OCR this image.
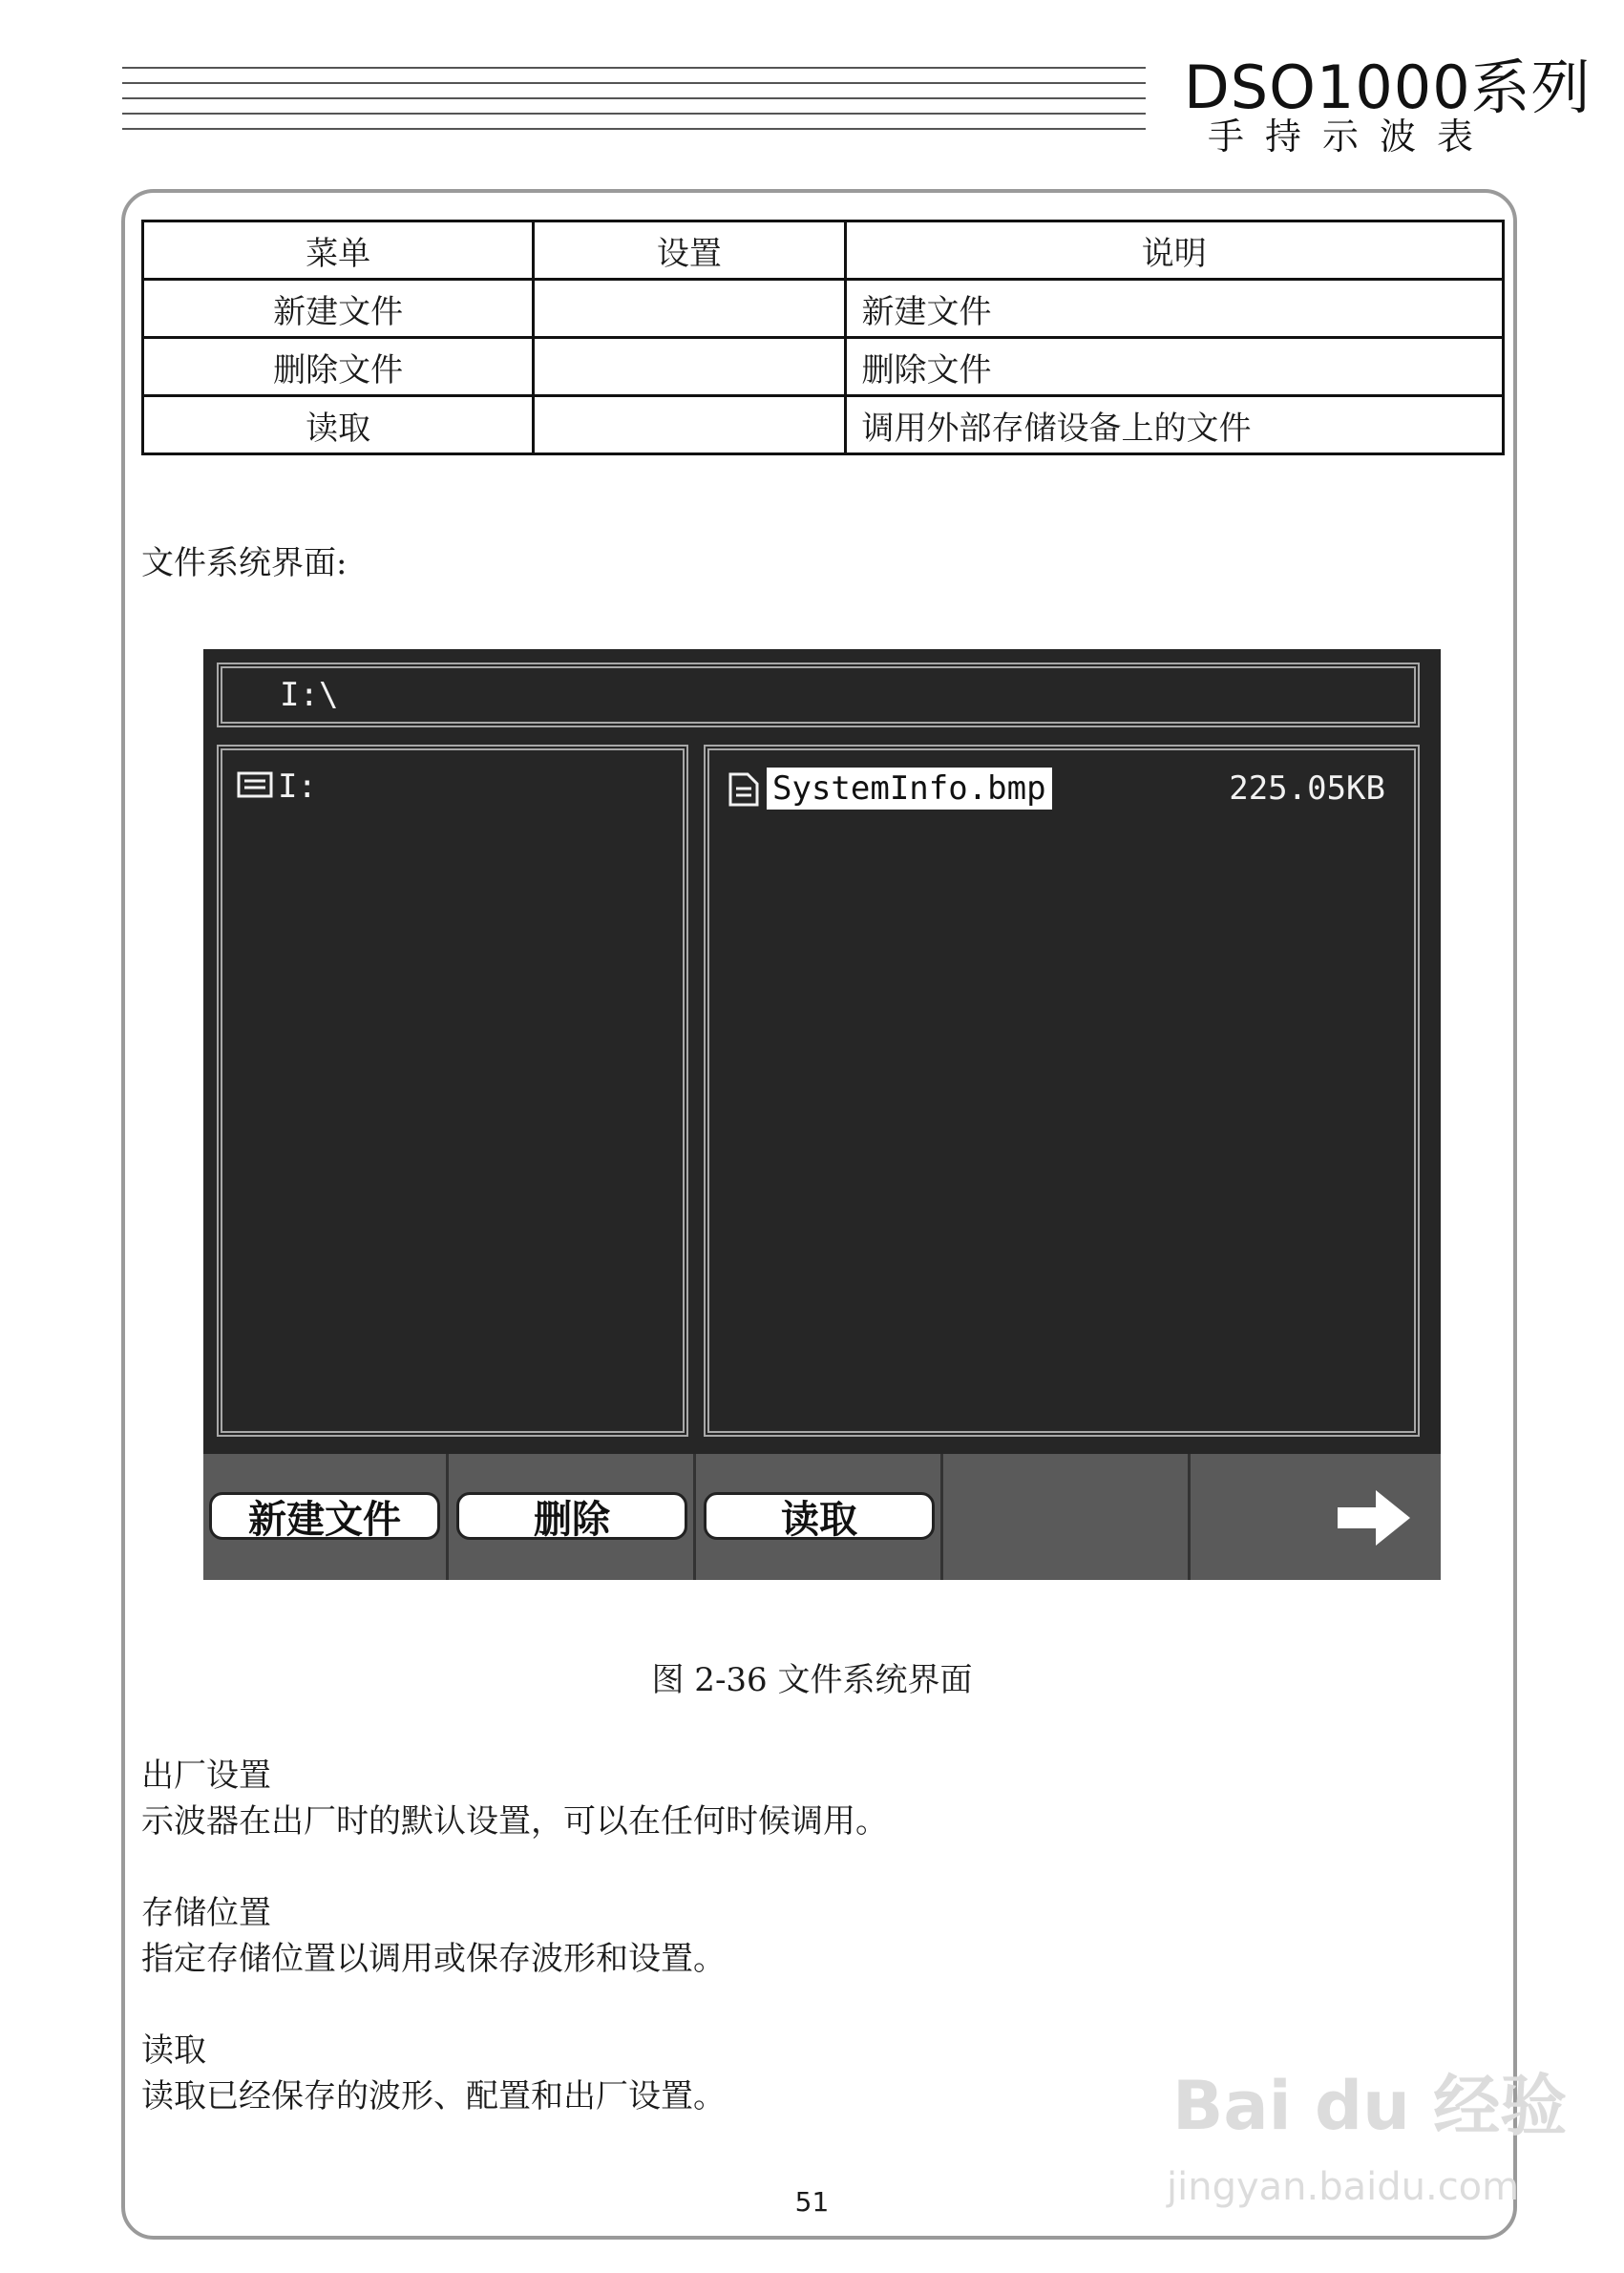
DSO1000系列
手持示波表
菜单	设置	说明
新建文件		新建文件
删除文件		删除文件
读取		调用外部存储设备上的文件
文件系统界面:
I:\
I:	SystemInfo.bmp	225.05KB
新建文件	删除	读取
图 2-36 文件系统界面
出厂设置
示波器在出厂时的默认设置，可以在任何时候调用。
存储位置
指定存储位置以调用或保存波形和设置。
读取
读取已经保存的波形、配置和出厂设置。	Bai du 经验
jingyan.baidu.com
51
